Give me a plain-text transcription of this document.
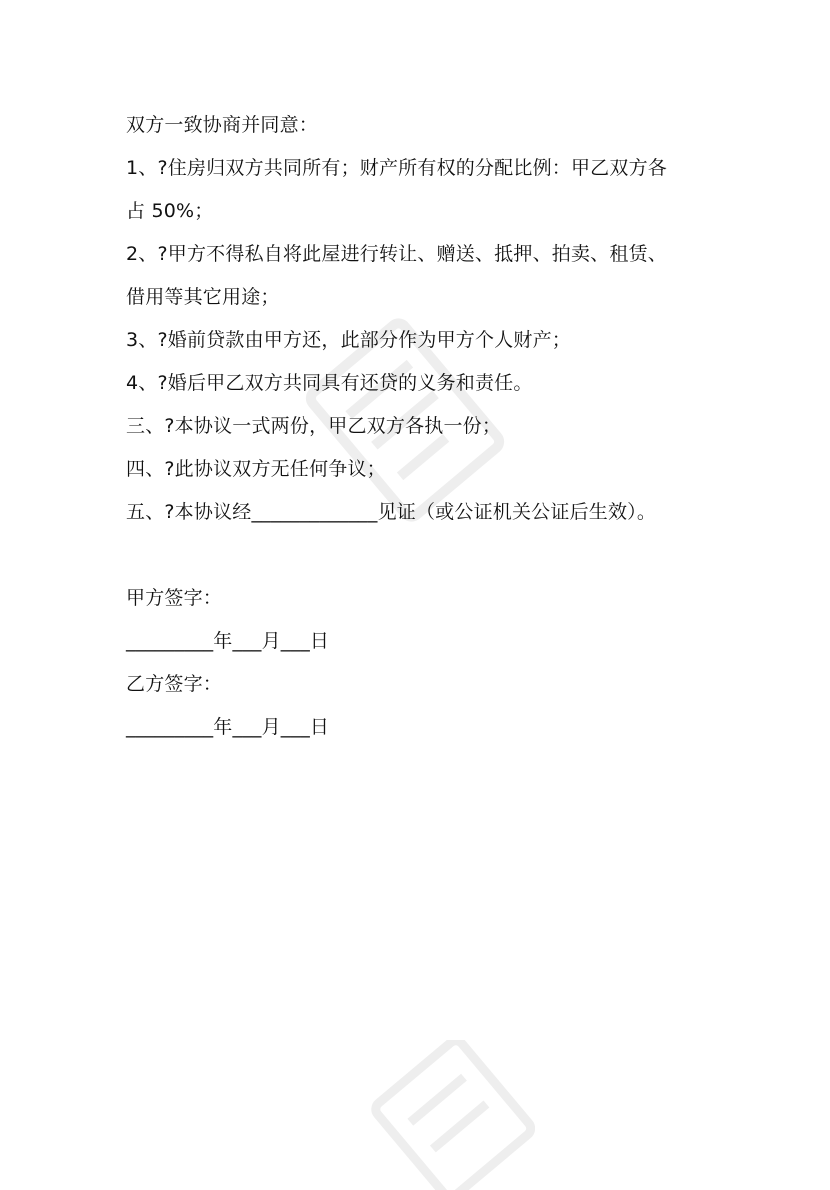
双方一致协商并同意：
1、?住房归双方共同所有；财产所有权的分配比例：甲乙双方各
占 50%；
2、?甲方不得私自将此屋进行转让、赠送、抵押、拍卖、租赁、
借用等其它用途；
3、?婚前贷款由甲方还，此部分作为甲方个人财产；
4、?婚后甲乙双方共同具有还贷的义务和责任。
三、?本协议一式两份，甲乙双方各执一份；
四、?此协议双方无任何争议；
五、?本协议经_____________见证（或公证机关公证后生效）。
甲方签字：
_________年___月___日
乙方签字：
_________年___月___日
